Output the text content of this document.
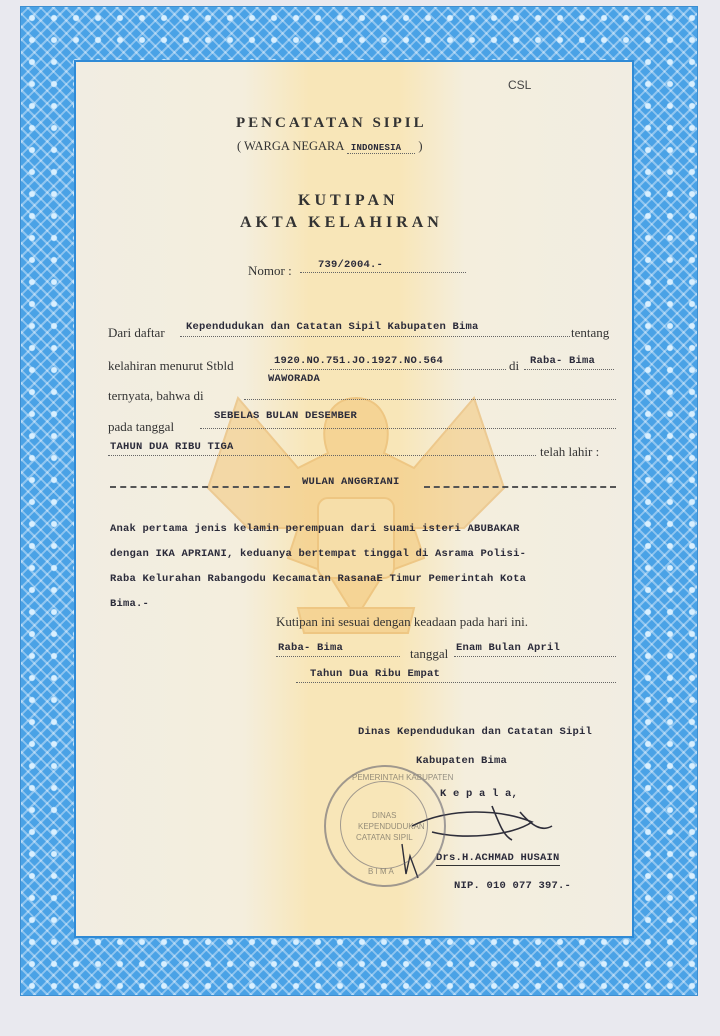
CSL
PENCATATAN SIPIL
( WARGA NEGARA INDONESIA )
KUTIPAN
AKTA KELAHIRAN
Nomor :	739/2004.-
Dari daftar Kependudukan dan Catatan Sipil Kabupaten Bima	tentang
kelahiran menurut Stbld	1920.NO.751.JO.1927.NO.564	di Raba- Bima
ternyata, bahwa di
WAWORADA
pada tanggal
SEBELAS BULAN DESEMBER
TAHUN DUA RIBU TIGA	telah lahir :
WULAN ANGGRIANI
Anak pertama jenis kelamin perempuan dari suami isteri ABUBAKAR
dengan IKA APRIANI, keduanya bertempat tinggal di Asrama Polisi-
Raba Kelurahan Rabangodu Kecamatan RasanaE Timur Pemerintah Kota
Bima.-
Kutipan ini sesuai dengan keadaan pada hari ini.
Raba- Bima	tanggal Enam Bulan April
Tahun Dua Ribu Empat
Dinas Kependudukan dan Catatan Sipil
Kabupaten Bima
K e p a l a,
Drs.H.ACHMAD HUSAIN
NIP. 010 077 397.-
PEMERINTAH KABUPATEN
DINAS
KEPENDUDUKAN
CATATAN SIPIL
B I M A
